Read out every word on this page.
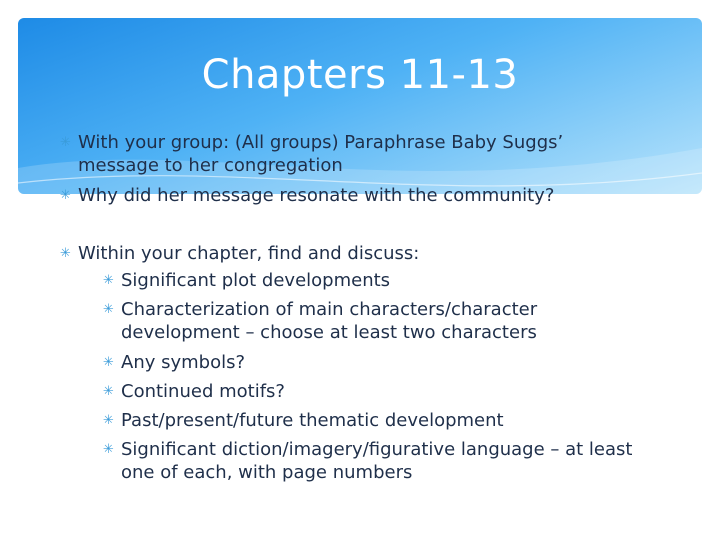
Chapters 11-13
✳ With your group: (All groups) Paraphrase Baby Suggs’ message to her congregation
✳ Why did her message resonate with the community?
✳ Within your chapter, find and discuss:
✳ Significant plot developments
✳ Characterization of main characters/character development – choose at least two characters
✳ Any symbols?
✳ Continued motifs?
✳ Past/present/future thematic development
✳ Significant diction/imagery/figurative language – at least one of each, with page numbers
